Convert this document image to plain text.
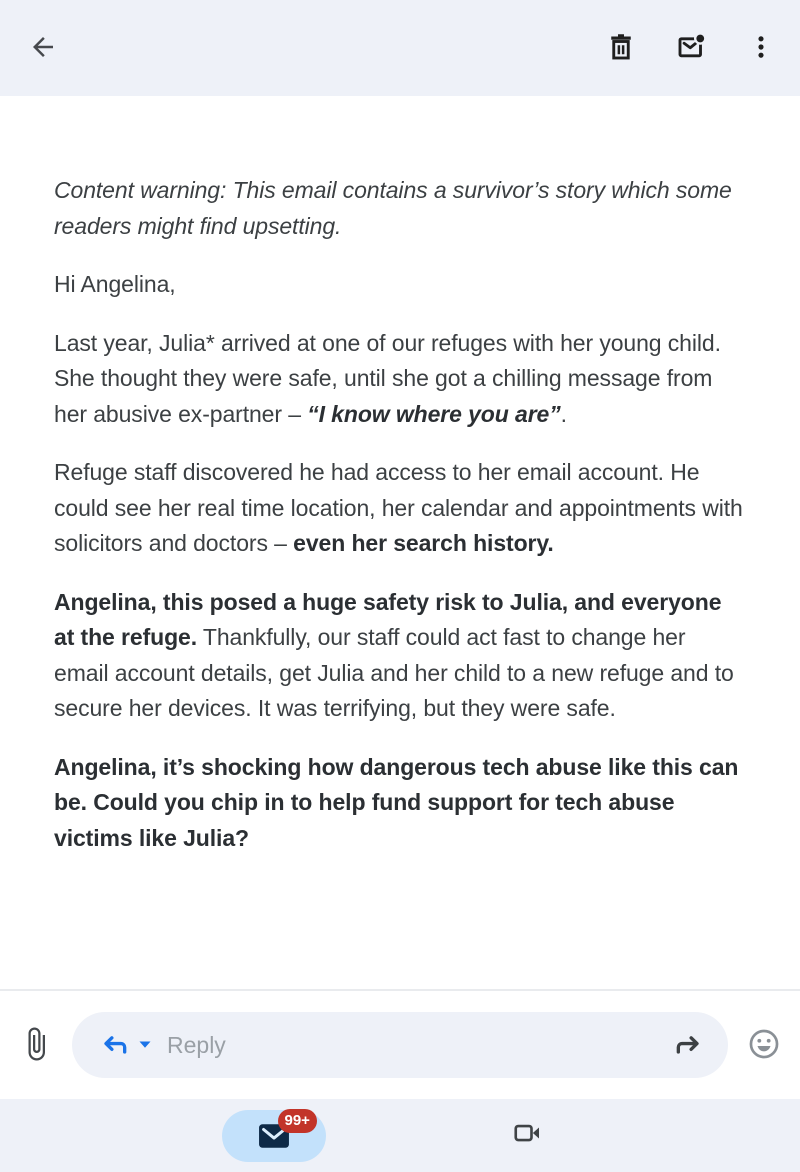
Content warning: This email contains a survivor’s story which some readers might find upsetting.

Hi Angelina,

Last year, Julia* arrived at one of our refuges with her young child. She thought they were safe, until she got a chilling message from her abusive ex-partner – “I know where you are”.

Refuge staff discovered he had access to her email account. He could see her real time location, her calendar and appointments with solicitors and doctors – even her search history.

Angelina, this posed a huge safety risk to Julia, and everyone at the refuge. Thankfully, our staff could act fast to change her email account details, get Julia and her child to a new refuge and to secure her devices. It was terrifying, but they were safe.

Angelina, it’s shocking how dangerous tech abuse like this can be. Could you chip in to help fund support for tech abuse victims like Julia?

Reply
99+
